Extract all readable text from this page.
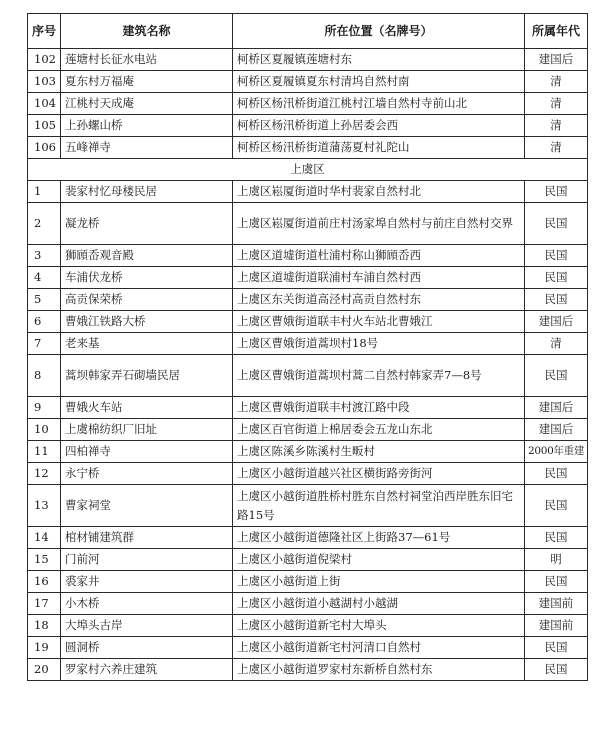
序号	建筑名称	所在位置（名牌号）	所属年代
102	莲塘村长征水电站	柯桥区夏履镇莲塘村东	建国后
103	夏东村万福庵	柯桥区夏履镇夏东村清坞自然村南	清
104	江桃村天成庵	柯桥区杨汛桥街道江桃村江墙自然村寺前山北	清
105	上孙螺山桥	柯桥区杨汛桥街道上孙居委会西	清
106	五峰禅寺	柯桥区杨汛桥街道蒲荡夏村礼陀山	清
上虞区			
1	裴家村忆母楼民居	上虞区崧厦街道时华村裴家自然村北	民国
2	凝龙桥	上虞区崧厦街道前庄村汤家埠自然村与前庄自然村交界	民国
3	狮頋岙观音殿	上虞区道墟街道杜浦村称山狮頋岙西	民国
4	车浦伏龙桥	上虞区道墟街道联浦村车浦自然村西	民国
5	高贡保荣桥	上虞区东关街道高泾村高贡自然村东	民国
6	曹娥江铁路大桥	上虞区曹娥街道联丰村火车站北曹娥江	建国后
7	老来基	上虞区曹娥街道蒿坝村18号	清
8	蒿坝韩家弄石砌墙民居	上虞区曹娥街道蒿坝村蒿二自然村韩家弄7—8号	民国
9	曹娥火车站	上虞区曹娥街道联丰村渡江路中段	建国后
10	上虞棉纺织厂旧址	上虞区百官街道上棉居委会五龙山东北	建国后
11	四柏禅寺	上虞区陈溪乡陈溪村生畈村	2000年重建
12	永宁桥	上虞区小越街道越兴社区横街路旁街河	民国
13	曹家祠堂	上虞区小越街道胜桥村胜东自然村祠堂泊西岸胜东旧宅路15号	民国
14	棺材铺建筑群	上虞区小越街道德隆社区上街路37—61号	民国
15	门前河	上虞区小越街道倪梁村	明
16	裘家井	上虞区小越街道上街	民国
17	小木桥	上虞区小越街道小越湖村小越湖	建国前
18	大埠头古岸	上虞区小越街道新宅村大埠头	建国前
19	圆洞桥	上虞区小越街道新宅村河清口自然村	民国
20	罗家村六养庄建筑	上虞区小越街道罗家村东新桥自然村东	民国
